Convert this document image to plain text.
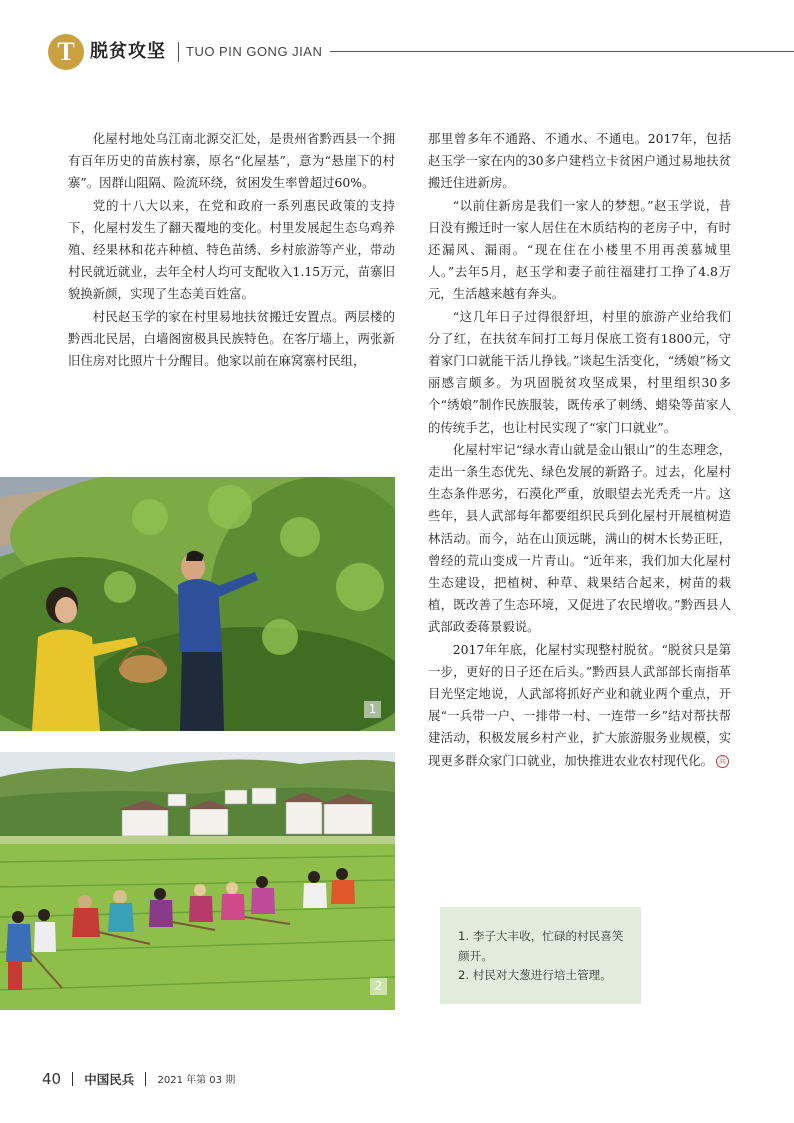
T 脱贫攻坚 TUO PIN GONG JIAN

化屋村地处乌江南北源交汇处，是贵州省黔西县一个拥有百年历史的苗族村寨，原名“化屋基”，意为“悬崖下的村寨”。因群山阻隔、险流环绕，贫困发生率曾超过60%。

党的十八大以来，在党和政府一系列惠民政策的支持下，化屋村发生了翻天覆地的变化。村里发展起生态乌鸡养殖、经果林和花卉种植、特色苗绣、乡村旅游等产业，带动村民就近就业，去年全村人均可支配收入1.15万元，苗寨旧貌换新颜，实现了生态美百姓富。

村民赵玉学的家在村里易地扶贫搬迁安置点。两层楼的黔西北民居，白墙阁窗极具民族特色。在客厅墙上，两张新旧住房对比照片十分醒目。他家以前在麻窝寨村民组，

那里曾多年不通路、不通水、不通电。2017年，包括赵玉学一家在内的30多户建档立卡贫困户通过易地扶贫搬迁住进新房。

“以前住新房是我们一家人的梦想。”赵玉学说，昔日没有搬迁时一家人居住在木质结构的老房子中，有时还漏风、漏雨。“现在住在小楼里不用再羡慕城里人。”去年5月，赵玉学和妻子前往福建打工挣了4.8万元，生活越来越有奔头。

“这几年日子过得很舒坦，村里的旅游产业给我们分了红，在扶贫车间打工每月保底工资有1800元，守着家门口就能干活儿挣钱。”谈起生活变化，“绣娘”杨文丽感言颇多。为巩固脱贫攻坚成果，村里组织30多个“绣娘”制作民族服装，既传承了刺绣、蜡染等苗家人的传统手艺，也让村民实现了“家门口就业”。

化屋村牢记“绿水青山就是金山银山”的生态理念，走出一条生态优先、绿色发展的新路子。过去，化屋村生态条件恶劣，石漠化严重，放眼望去光秃秃一片。这些年，县人武部每年都要组织民兵到化屋村开展植树造林活动。而今，站在山顶远眺，满山的树木长势正旺，曾经的荒山变成一片青山。“近年来，我们加大化屋村生态建设，把植树、种草、栽果结合起来，树苗的栽植，既改善了生态环境，又促进了农民增收。”黔西县人武部政委蒋景毅说。

2017年年底，化屋村实现整村脱贫。“脱贫只是第一步，更好的日子还在后头。”黔西县人武部部长南指革目光坚定地说，人武部将抓好产业和就业两个重点，开展“一兵带一户、一排带一村、一连带一乡”结对帮扶帮建活动，积极发展乡村产业，扩大旅游服务业规模，实现更多群众家门口就业，加快推进农业农村现代化。 兵

1
2
1. 李子大丰收，忙碌的村民喜笑颜开。
2. 村民对大葱进行培土管理。
40 中国民兵 2021 年第 03 期
